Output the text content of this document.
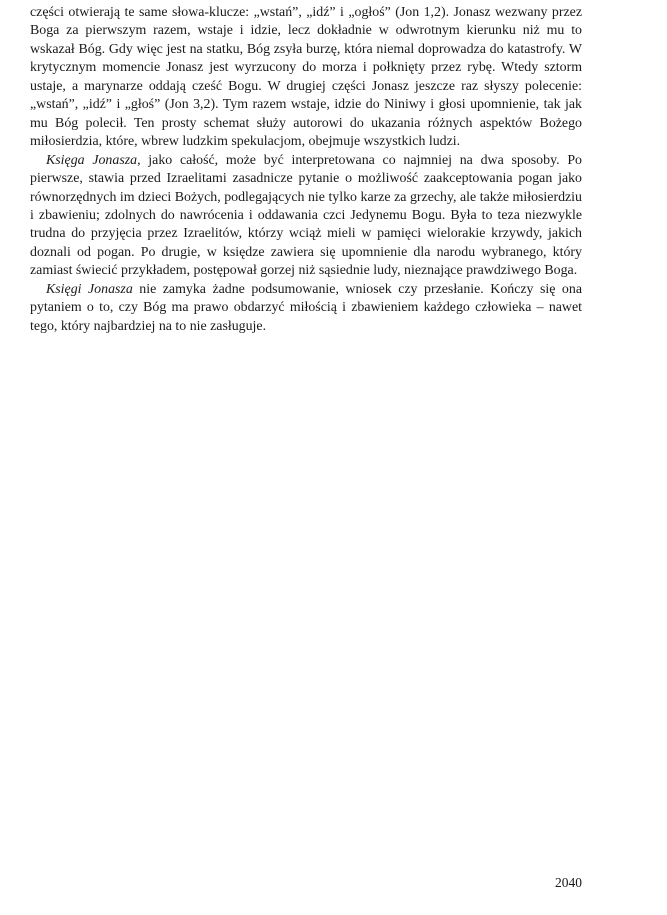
części otwierają te same słowa-klucze: „wstań”, „idź” i „ogłoś” (Jon 1,2). Jonasz wezwany przez Boga za pierwszym razem, wstaje i idzie, lecz dokładnie w odwrotnym kierunku niż mu to wskazał Bóg. Gdy więc jest na statku, Bóg zsyła burzę, która niemal doprowadza do katastrofy. W krytycznym momencie Jonasz jest wyrzucony do morza i połknięty przez rybę. Wtedy sztorm ustaje, a marynarze oddają cześć Bogu. W drugiej części Jonasz jeszcze raz słyszy polecenie: „wstań”, „idź” i „głoś” (Jon 3,2). Tym razem wstaje, idzie do Niniwy i głosi upomnienie, tak jak mu Bóg polecił. Ten prosty schemat służy autorowi do ukazania różnych aspektów Bożego miłosierdzia, które, wbrew ludzkim spekulacjom, obejmuje wszystkich ludzi.

Księga Jonasza, jako całość, może być interpretowana co najmniej na dwa sposoby. Po pierwsze, stawia przed Izraelitami zasadnicze pytanie o możliwość zaakceptowania pogan jako równorzędnych im dzieci Bożych, podlegających nie tylko karze za grzechy, ale także miłosierdziu i zbawieniu; zdolnych do nawrócenia i oddawania czci Jedynemu Bogu. Była to teza niezwykle trudna do przyjęcia przez Izraelitów, którzy wciąż mieli w pamięci wielorakie krzywdy, jakich doznali od pogan. Po drugie, w księdze zawiera się upomnienie dla narodu wybranego, który zamiast świecić przykładem, postępował gorzej niż sąsiednie ludy, nieznające prawdziwego Boga.

Księgi Jonasza nie zamyka żadne podsumowanie, wniosek czy przesłanie. Kończy się ona pytaniem o to, czy Bóg ma prawo obdarzyć miłością i zbawieniem każdego człowieka – nawet tego, który najbardziej na to nie zasługuje.

2040
